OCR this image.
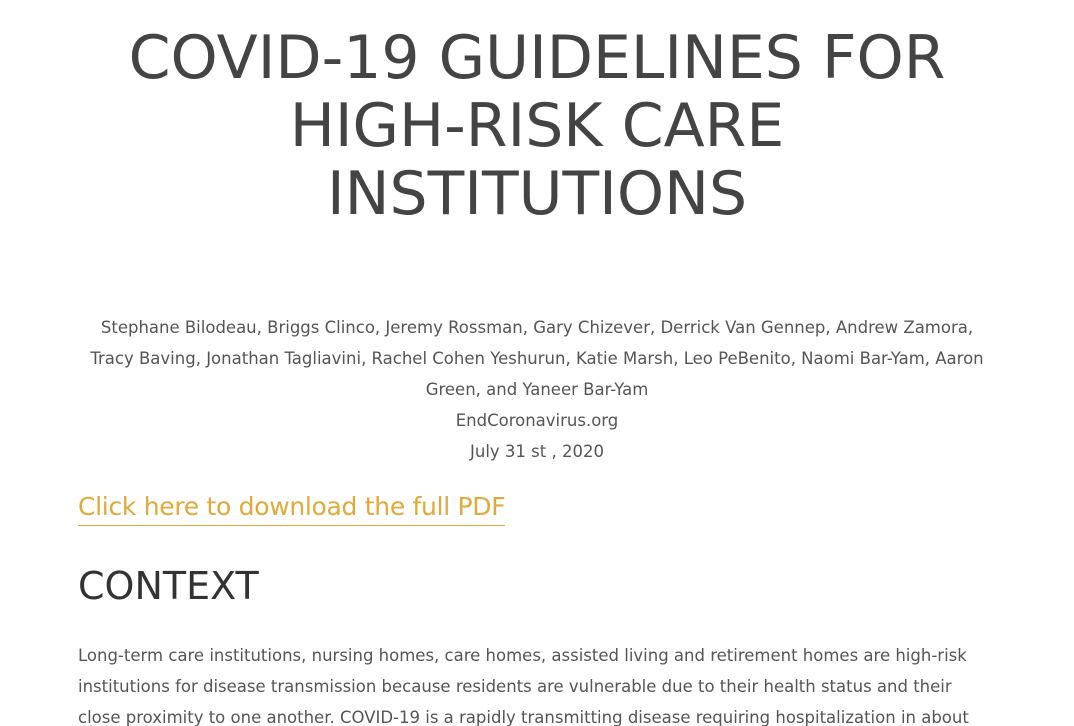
COVID-19 GUIDELINES FOR
HIGH-RISK CARE
INSTITUTIONS
Stephane Bilodeau, Briggs Clinco, Jeremy Rossman, Gary Chizever, Derrick Van Gennep, Andrew Zamora,
Tracy Baving, Jonathan Tagliavini, Rachel Cohen Yeshurun, Katie Marsh, Leo PeBenito, Naomi Bar-Yam, Aaron
Green, and Yaneer Bar-Yam
EndCoronavirus.org
July 31 st , 2020
Click here to download the full PDF
CONTEXT

Long-term care institutions, nursing homes, care homes, assisted living and retirement homes are high-risk
institutions for disease transmission because residents are vulnerable due to their health status and their
close proximity to one another. COVID-19 is a rapidly transmitting disease requiring hospitalization in about
